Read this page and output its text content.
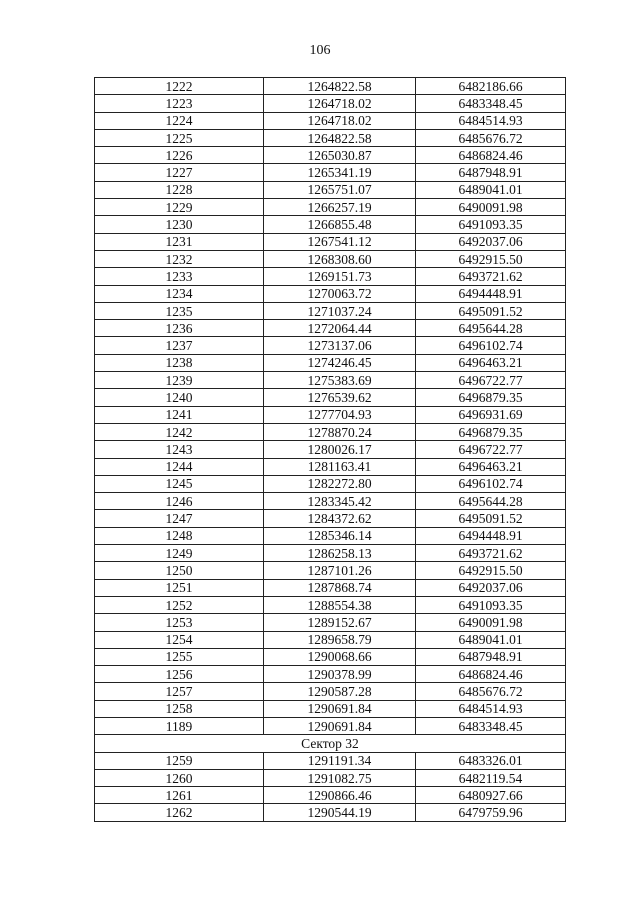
106
1222	1264822.58	6482186.66
1223	1264718.02	6483348.45
1224	1264718.02	6484514.93
1225	1264822.58	6485676.72
1226	1265030.87	6486824.46
1227	1265341.19	6487948.91
1228	1265751.07	6489041.01
1229	1266257.19	6490091.98
1230	1266855.48	6491093.35
1231	1267541.12	6492037.06
1232	1268308.60	6492915.50
1233	1269151.73	6493721.62
1234	1270063.72	6494448.91
1235	1271037.24	6495091.52
1236	1272064.44	6495644.28
1237	1273137.06	6496102.74
1238	1274246.45	6496463.21
1239	1275383.69	6496722.77
1240	1276539.62	6496879.35
1241	1277704.93	6496931.69
1242	1278870.24	6496879.35
1243	1280026.17	6496722.77
1244	1281163.41	6496463.21
1245	1282272.80	6496102.74
1246	1283345.42	6495644.28
1247	1284372.62	6495091.52
1248	1285346.14	6494448.91
1249	1286258.13	6493721.62
1250	1287101.26	6492915.50
1251	1287868.74	6492037.06
1252	1288554.38	6491093.35
1253	1289152.67	6490091.98
1254	1289658.79	6489041.01
1255	1290068.66	6487948.91
1256	1290378.99	6486824.46
1257	1290587.28	6485676.72
1258	1290691.84	6484514.93
1189	1290691.84	6483348.45
Сектор 32		
1259	1291191.34	6483326.01
1260	1291082.75	6482119.54
1261	1290866.46	6480927.66
1262	1290544.19	6479759.96
